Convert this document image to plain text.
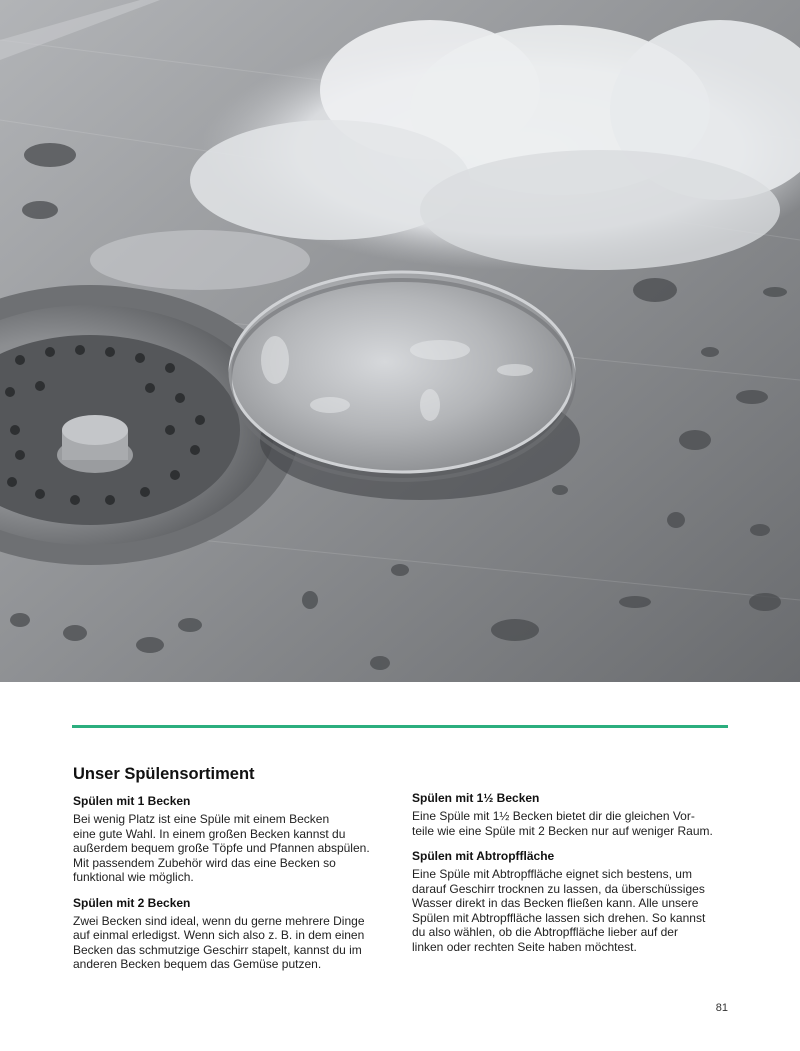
Unser Spülensortiment
Spülen mit 1 Becken

Bei wenig Platz ist eine Spüle mit einem Becken
eine gute Wahl. In einem großen Becken kannst du
außerdem bequem große Töpfe und Pfannen abspülen.
Mit passendem Zubehör wird das eine Becken so
funktional wie möglich.

Spülen mit 2 Becken

Zwei Becken sind ideal, wenn du gerne mehrere Dinge
auf einmal erledigst. Wenn sich also z. B. in dem einen
Becken das schmutzige Geschirr stapelt, kannst du im
anderen Becken bequem das Gemüse putzen.

Spülen mit 1½ Becken

Eine Spüle mit 1½ Becken bietet dir die gleichen Vor-
teile wie eine Spüle mit 2 Becken nur auf weniger Raum.

Spülen mit Abtropffläche

Eine Spüle mit Abtropffläche eignet sich bestens, um
darauf Geschirr trocknen zu lassen, da überschüssiges
Wasser direkt in das Becken fließen kann. Alle unsere
Spülen mit Abtropffläche lassen sich drehen. So kannst
du also wählen, ob die Abtropffläche lieber auf der
linken oder rechten Seite haben möchtest.

81
